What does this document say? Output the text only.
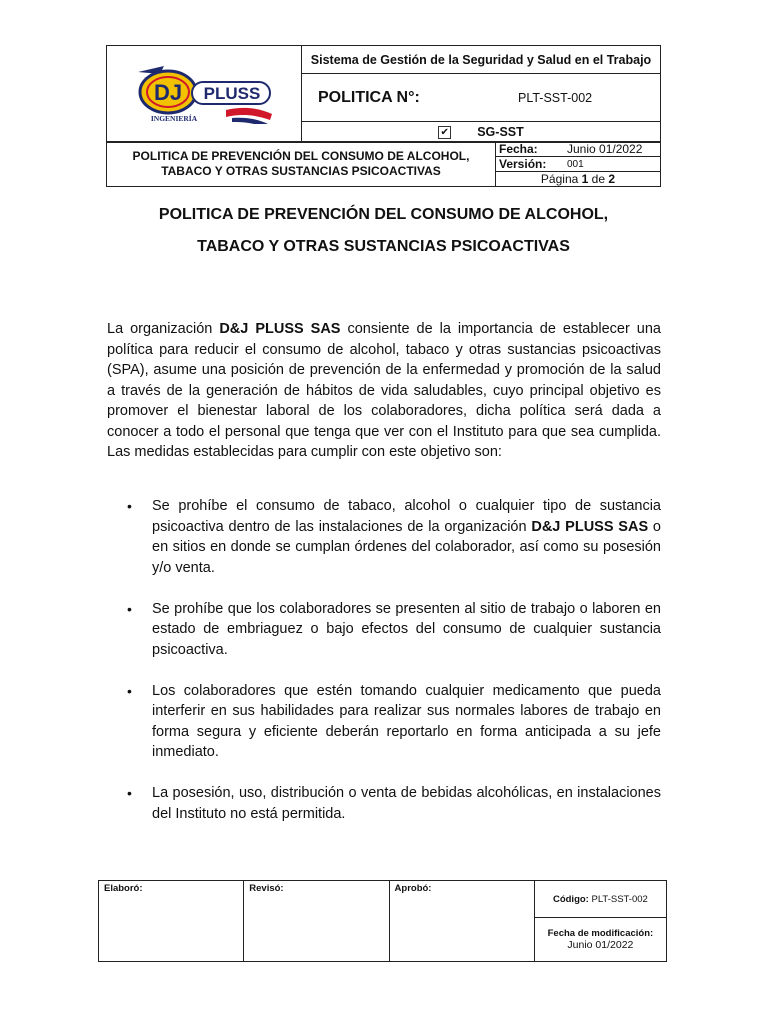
DJ PLUSS
INGENIERÍA
	Sistema de Gestión de la Seguridad y Salud en el Trabajo
POLITICA N°:	PLT-SST-002
✔ SG-SST
POLITICA DE PREVENCIÓN DEL CONSUMO DE ALCOHOL,
TABACO Y OTRAS SUSTANCIAS PSICOACTIVAS	Fecha:	Junio 01/2022
	Versión:	001
	Página 1 de 2	
POLITICA DE PREVENCIÓN DEL CONSUMO DE ALCOHOL,
TABACO Y OTRAS SUSTANCIAS PSICOACTIVAS
La organización D&J PLUSS SAS consiente de la importancia de establecer una política para reducir el consumo de alcohol, tabaco y otras sustancias psicoactivas (SPA), asume una posición de prevención de la enfermedad y promoción de la salud a través de la generación de hábitos de vida saludables, cuyo principal objetivo es promover el bienestar laboral de los colaboradores, dicha política será dada a conocer a todo el personal que tenga que ver con el Instituto para que sea cumplida. Las medidas establecidas para cumplir con este objetivo son:
• Se prohíbe el consumo de tabaco, alcohol o cualquier tipo de sustancia psicoactiva dentro de las instalaciones de la organización D&J PLUSS SAS o en sitios en donde se cumplan órdenes del colaborador, así como su posesión y/o venta.
• Se prohíbe que los colaboradores se presenten al sitio de trabajo o laboren en estado de embriaguez o bajo efectos del consumo de cualquier sustancia psicoactiva.
• Los colaboradores que estén tomando cualquier medicamento que pueda interferir en sus habilidades para realizar sus normales labores de trabajo en forma segura y eficiente deberán reportarlo en forma anticipada a su jefe inmediato.
• La posesión, uso, distribución o venta de bebidas alcohólicas, en instalaciones del Instituto no está permitida.
Elaboró:	Revisó:	Aprobó:	Código: PLT-SST-002
Fecha de modificación:
Junio 01/2022
